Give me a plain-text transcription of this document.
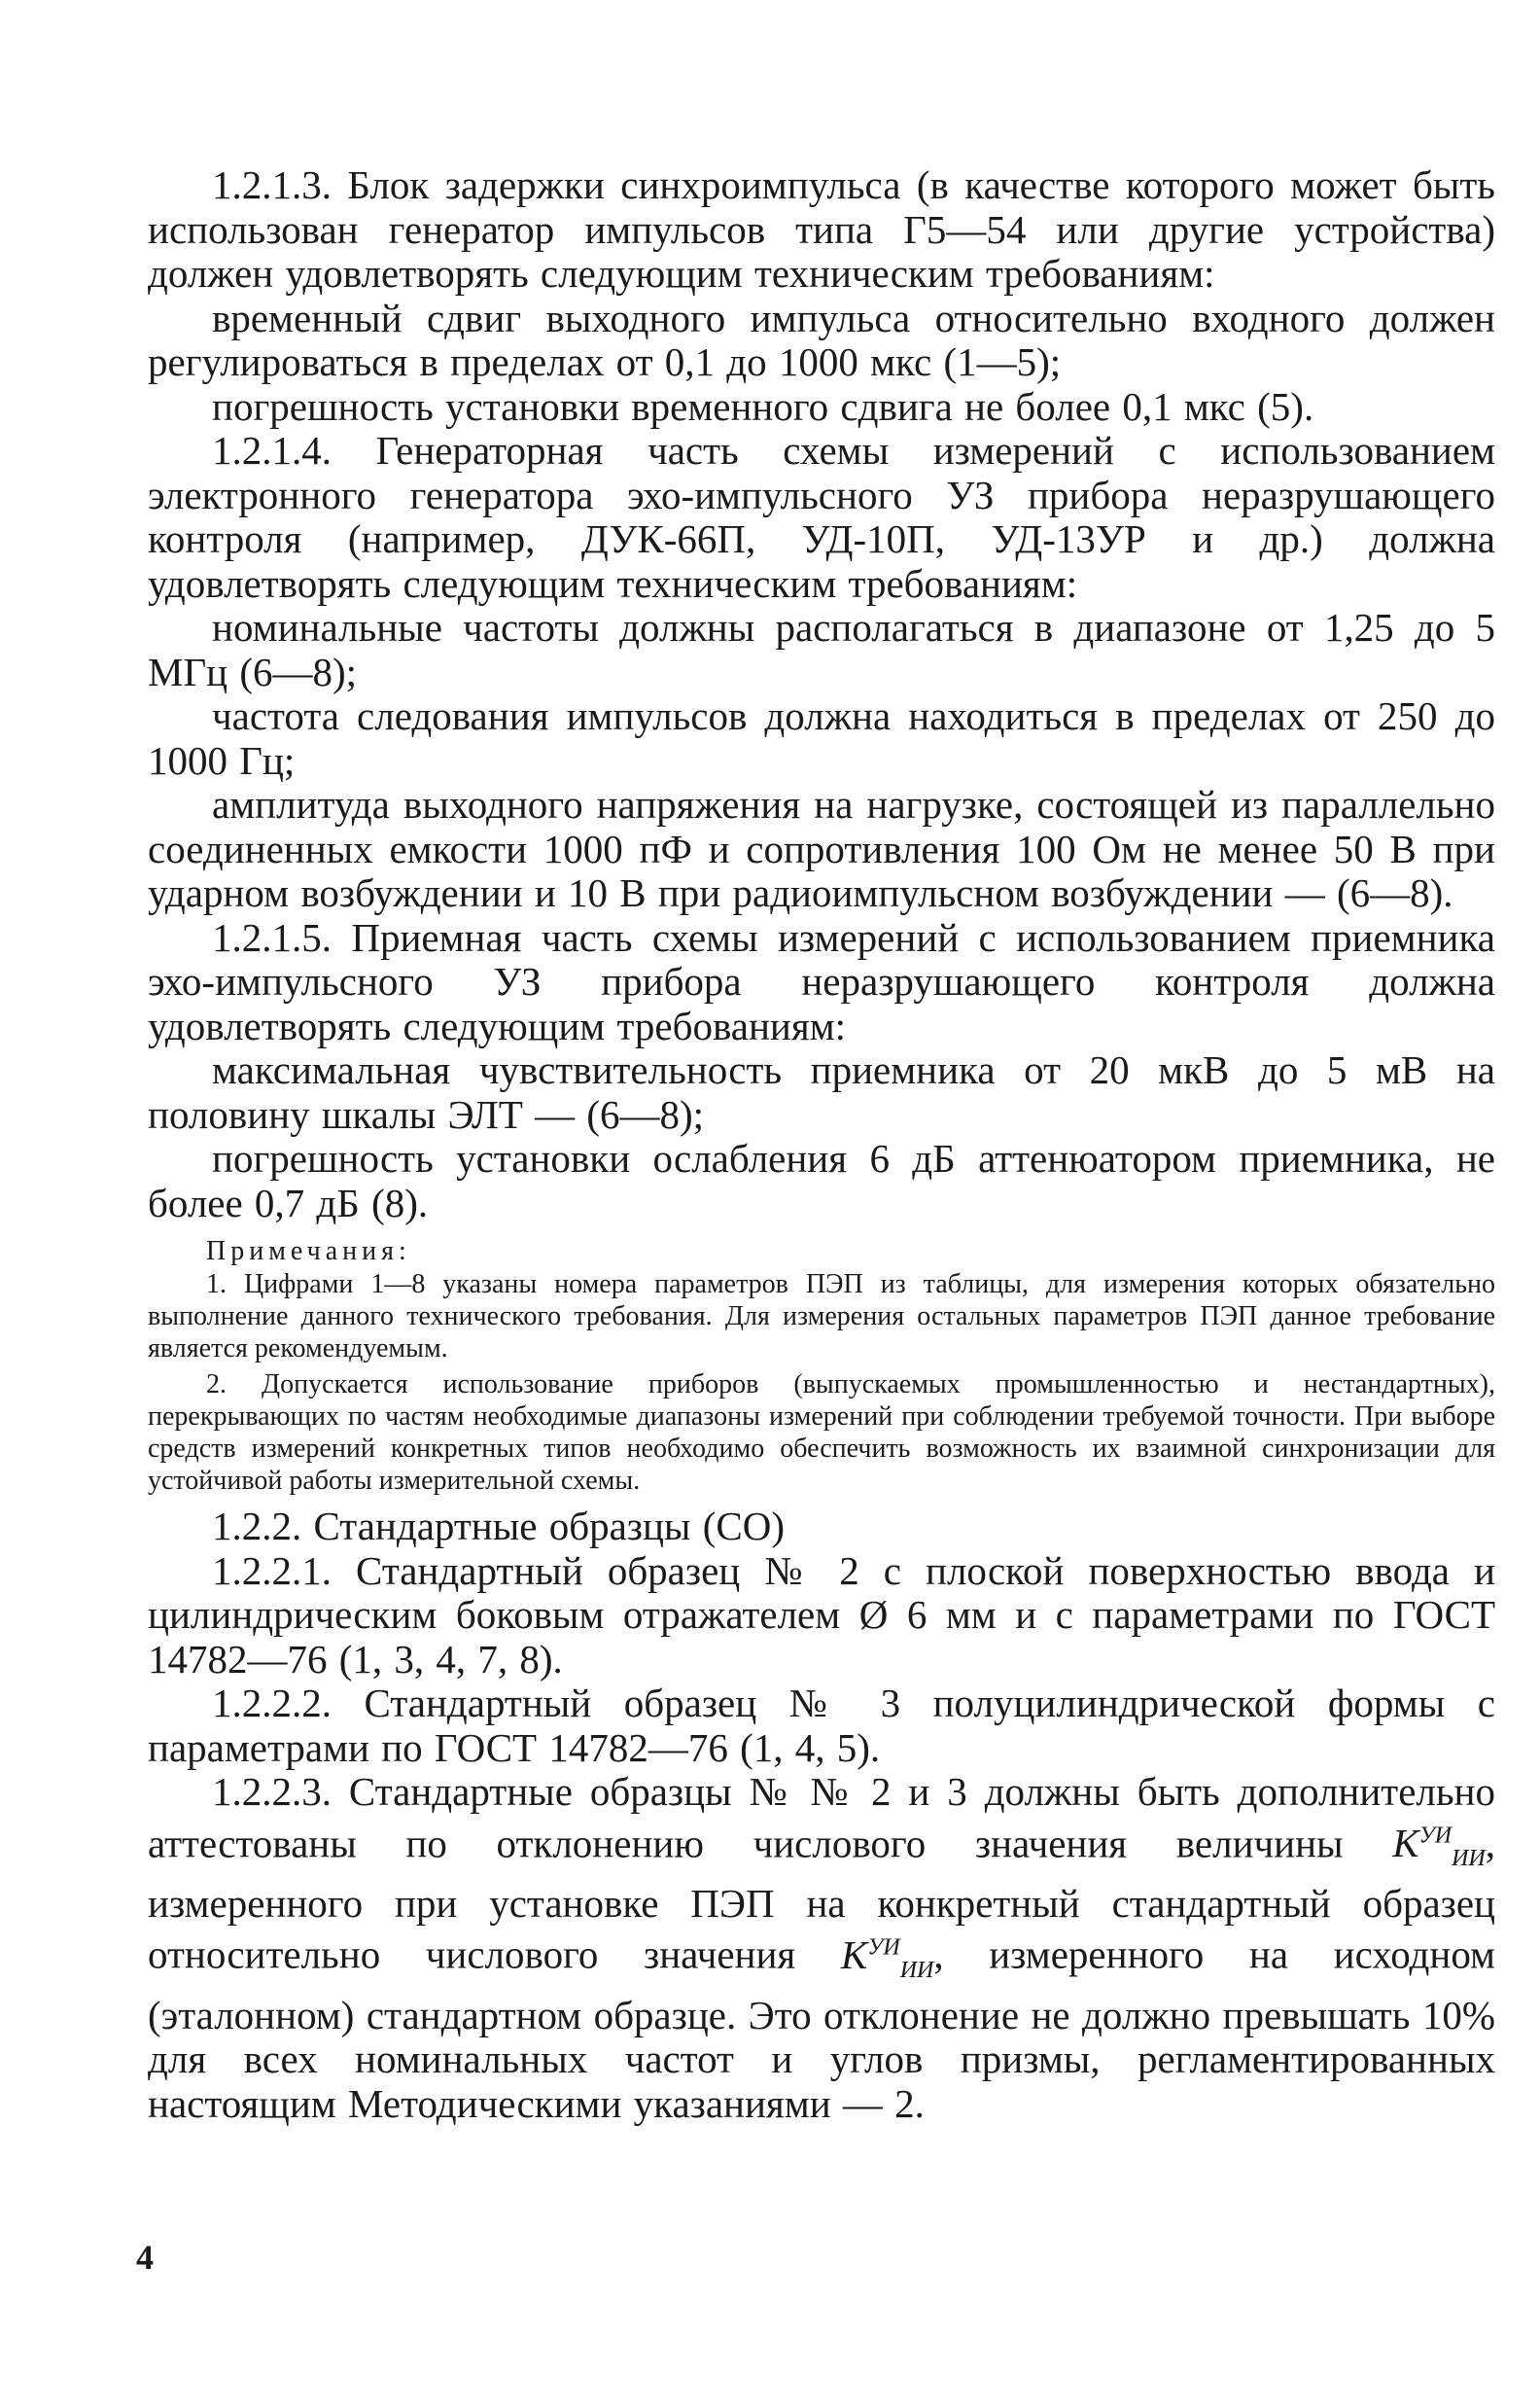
1.2.1.3. Блок задержки синхроимпульса (в качестве которого может быть использован генератор импульсов типа Г5—54 или другие устройства) должен удовлетворять следующим техническим требованиям:

временный сдвиг выходного импульса относительно входного должен регулироваться в пределах от 0,1 до 1000 мкс (1—5);

погрешность установки временного сдвига не более 0,1 мкс (5).

1.2.1.4. Генераторная часть схемы измерений с использованием электронного генератора эхо-импульсного УЗ прибора неразрушающего контроля (например, ДУК-66П, УД-10П, УД-13УР и др.) должна удовлетворять следующим техническим требованиям:

номинальные частоты должны располагаться в диапазоне от 1,25 до 5 МГц (6—8);

частота следования импульсов должна находиться в пределах от 250 до 1000 Гц;

амплитуда выходного напряжения на нагрузке, состоящей из параллельно соединенных емкости 1000 пФ и сопротивления 100 Ом не менее 50 В при ударном возбуждении и 10 В при радиоимпульсном возбуждении — (6—8).

1.2.1.5. Приемная часть схемы измерений с использованием приемника эхо-импульсного УЗ прибора неразрушающего контроля должна удовлетворять следующим требованиям:

максимальная чувствительность приемника от 20 мкВ до 5 мВ на половину шкалы ЭЛТ — (6—8);

погрешность установки ослабления 6 дБ аттенюатором приемника, не более 0,7 дБ (8).

Примечания:

1. Цифрами 1—8 указаны номера параметров ПЭП из таблицы, для измерения которых обязательно выполнение данного технического требования. Для измерения остальных параметров ПЭП данное требование является рекомендуемым.

2. Допускается использование приборов (выпускаемых промышленностью и нестандартных), перекрывающих по частям необходимые диапазоны измерений при соблюдении требуемой точности. При выборе средств измерений конкретных типов необходимо обеспечить возможность их взаимной синхронизации для устойчивой работы измерительной схемы.

1.2.2. Стандартные образцы (СО)

1.2.2.1. Стандартный образец № 2 с плоской поверхностью ввода и цилиндрическим боковым отражателем Ø 6 мм и с параметрами по ГОСТ 14782—76 (1, 3, 4, 7, 8).

1.2.2.2. Стандартный образец № 3 полуцилиндрической формы с параметрами по ГОСТ 14782—76 (1, 4, 5).

1.2.2.3. Стандартные образцы № № 2 и 3 должны быть дополнительно аттестованы по отклонению числового значения величины $K^{УИ}_{ИИ}$, измеренного при установке ПЭП на конкретный стандартный образец относительно числового значения $K^{УИ}_{ИИ}$, измеренного на исходном (эталонном) стандартном образце. Это отклонение не должно превышать 10% для всех номинальных частот и углов призмы, регламентированных настоящим Методическими указаниями — 2.

4
